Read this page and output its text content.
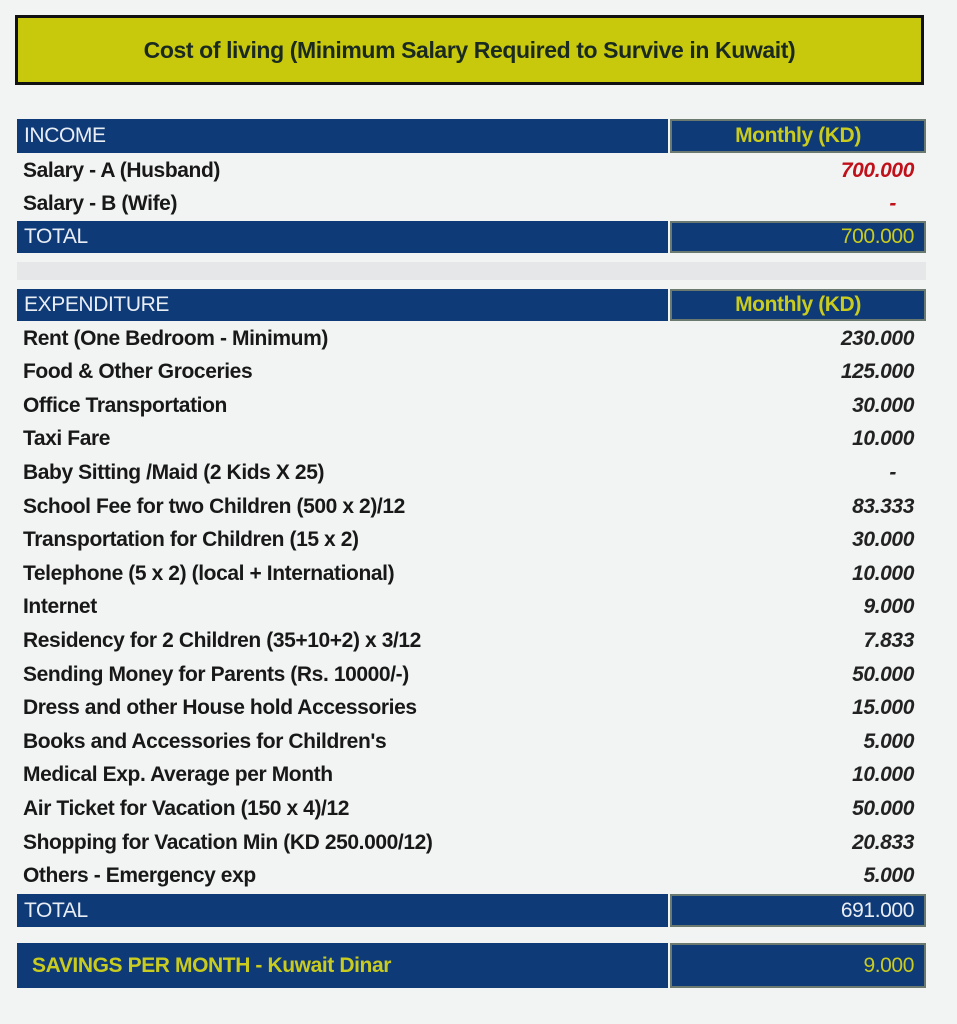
Cost of living (Minimum Salary Required to Survive in Kuwait)
INCOME	Monthly (KD)
Salary - A (Husband)	700.000
Salary - B (Wife)	-
TOTAL	700.000
EXPENDITURE	Monthly (KD)
Rent (One Bedroom - Minimum)	230.000
Food & Other Groceries	125.000
Office Transportation	30.000
Taxi Fare	10.000
Baby Sitting /Maid (2 Kids X 25)	-
School Fee for two Children (500 x 2)/12	83.333
Transportation for Children (15 x 2)	30.000
Telephone (5 x 2) (local + International)	10.000
Internet	9.000
Residency for 2 Children (35+10+2) x 3/12	7.833
Sending Money for Parents (Rs. 10000/-)	50.000
Dress and other House hold Accessories	15.000
Books and Accessories for Children's	5.000
Medical Exp. Average per Month	10.000
Air Ticket for Vacation (150 x 4)/12	50.000
Shopping for Vacation Min (KD 250.000/12)	20.833
Others - Emergency exp	5.000
TOTAL	691.000
SAVINGS PER MONTH - Kuwait Dinar	9.000
